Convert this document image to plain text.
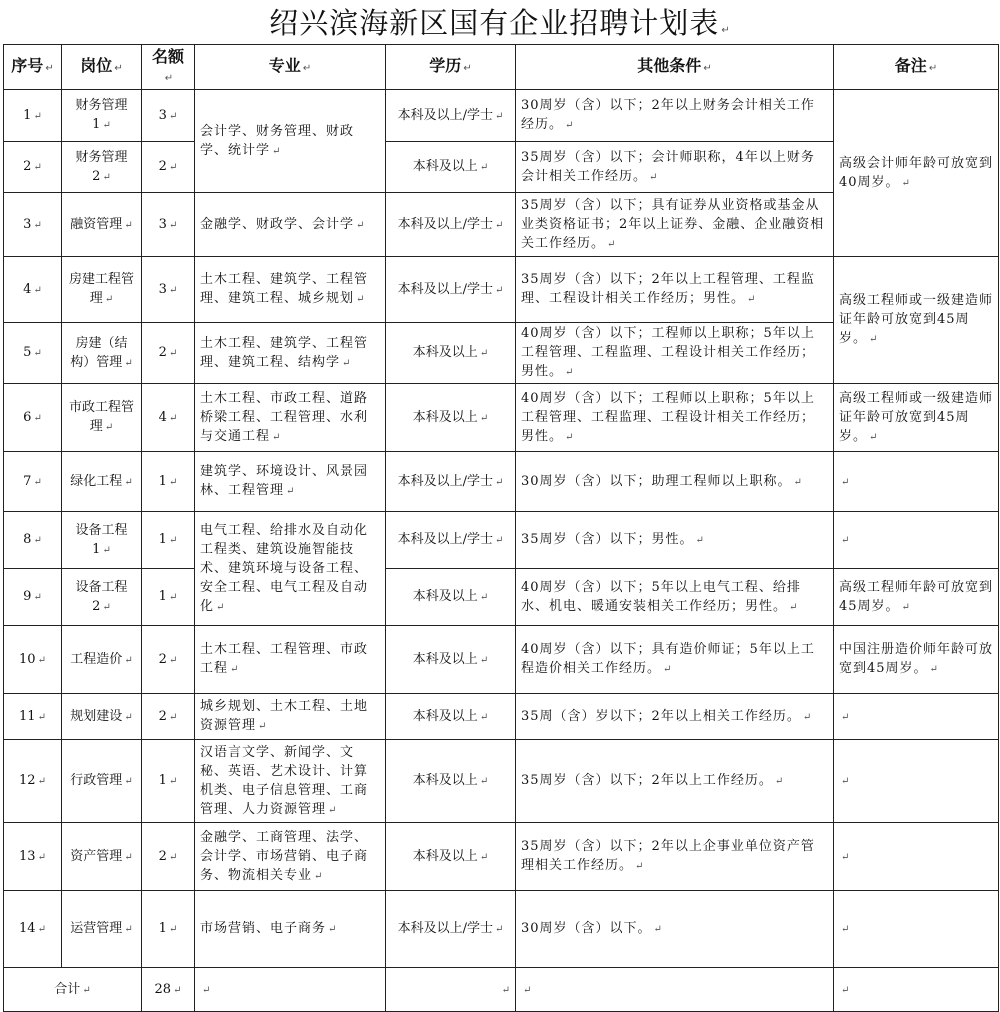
绍兴滨海新区国有企业招聘计划表 ↵
序号 ↵	岗位 ↵	名额↵	专业 ↵	学历 ↵	其他条件 ↵	备注 ↵
1 ↵	财务管理1 ↵	3 ↵	会计学、财务管理、财政学、统计学 ↵	本科及以上/学士 ↵	30周岁（含）以下；2年以上财务会计相关工作经历。 ↵	高级会计师年龄可放宽到40周岁。 ↵
2 ↵	财务管理2 ↵	2 ↵		本科及以上 ↵	35周岁（含）以下；会计师职称，4年以上财务会计相关工作经历。 ↵	
3 ↵	融资管理 ↵	3 ↵	金融学、财政学、会计学 ↵	本科及以上/学士 ↵	35周岁（含）以下；具有证券从业资格或基金从业类资格证书；2年以上证券、金融、企业融资相关工作经历。 ↵	
4 ↵	房建工程管理 ↵	3 ↵	土木工程、建筑学、工程管理、建筑工程、城乡规划 ↵	本科及以上/学士 ↵	35周岁（含）以下；2年以上工程管理、工程监理、工程设计相关工作经历；男性。 ↵	高级工程师或一级建造师证年龄可放宽到45周岁。 ↵
5 ↵	房建（结构）管理 ↵	2 ↵	土木工程、建筑学、工程管理、建筑工程、结构学 ↵	本科及以上 ↵	40周岁（含）以下；工程师以上职称；5年以上工程管理、工程监理、工程设计相关工作经历；男性。 ↵	
6 ↵	市政工程管理 ↵	4 ↵	土木工程、市政工程、道路桥梁工程、工程管理、水利与交通工程 ↵	本科及以上 ↵	40周岁（含）以下；工程师以上职称；5年以上工程管理、工程监理、工程设计相关工作经历；男性。 ↵	高级工程师或一级建造师证年龄可放宽到45周岁。 ↵
7 ↵	绿化工程 ↵	1 ↵	建筑学、环境设计、风景园林、工程管理 ↵	本科及以上/学士 ↵	30周岁（含）以下；助理工程师以上职称。 ↵	↵
8 ↵	设备工程1 ↵	1 ↵	电气工程、给排水及自动化工程类、建筑设施智能技术、建筑环境与设备工程、安全工程、电气工程及自动化 ↵	本科及以上/学士 ↵	35周岁（含）以下；男性。 ↵	↵
9 ↵	设备工程2 ↵	1 ↵		本科及以上 ↵	40周岁（含）以下；5年以上电气工程、给排水、机电、暖通安装相关工作经历；男性。 ↵	高级工程师年龄可放宽到45周岁。 ↵
10 ↵	工程造价 ↵	2 ↵	土木工程、工程管理、市政工程 ↵	本科及以上 ↵	40周岁（含）以下；具有造价师证；5年以上工程造价相关工作经历。 ↵	中国注册造价师年龄可放宽到45周岁。 ↵
11 ↵	规划建设 ↵	2 ↵	城乡规划、土木工程、土地资源管理 ↵	本科及以上 ↵	35周（含）岁以下；2年以上相关工作经历。 ↵	↵
12 ↵	行政管理 ↵	1 ↵	汉语言文学、新闻学、文秘、英语、艺术设计、计算机类、电子信息管理、工商管理、人力资源管理 ↵	本科及以上 ↵	35周岁（含）以下；2年以上工作经历。 ↵	↵
13 ↵	资产管理 ↵	2 ↵	金融学、工商管理、法学、会计学、市场营销、电子商务、物流相关专业 ↵	本科及以上 ↵	35周岁（含）以下；2年以上企事业单位资产管理相关工作经历。 ↵	↵
14 ↵	运营管理 ↵	1 ↵	市场营销、电子商务 ↵	本科及以上/学士 ↵	30周岁（含）以下。 ↵	↵
合计 ↵		28 ↵	↵	↵	↵	↵
